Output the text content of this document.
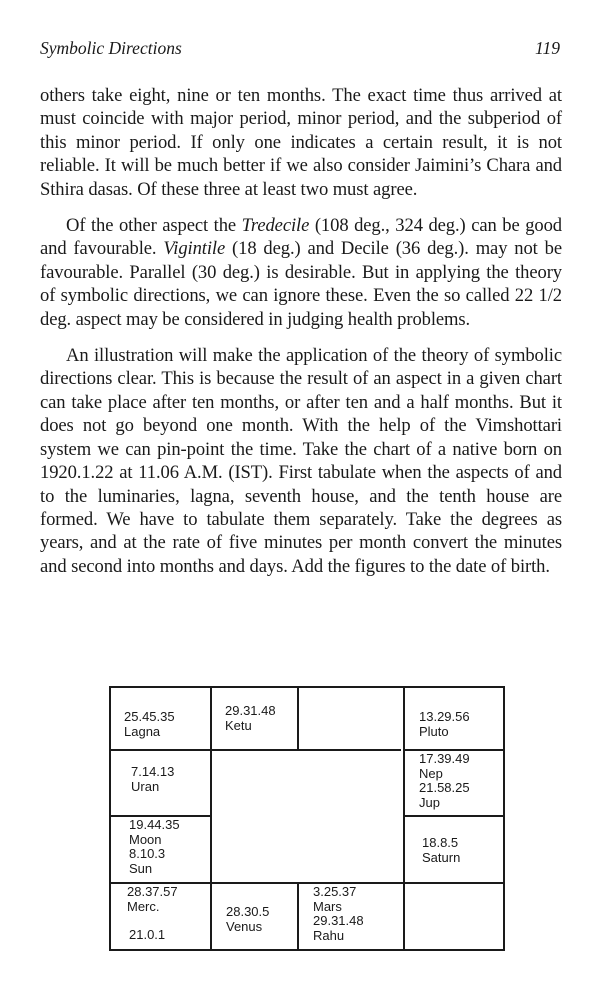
Symbolic Directions	119

others take eight, nine or ten months. The exact time thus arrived at must coincide with major period, minor period, and the subperiod of this minor period. If only one indicates a certain result, it is not reliable. It will be much better if we also consider Jaimini’s Chara and Sthira dasas. Of these three at least two must agree.

Of the other aspect the Tredecile (108 deg., 324 deg.) can be good and favourable. Vigintile (18 deg.) and Decile (36 deg.). may not be favourable. Parallel (30 deg.) is desirable. But in applying the theory of symbolic directions, we can ignore these. Even the so called 22 1/2 deg. aspect may be considered in judging health problems.

An illustration will make the application of the theory of symbolic directions clear. This is because the result of an aspect in a given chart can take place after ten months, or after ten and a half months. But it does not go beyond one month. With the help of the Vimshottari system we can pin-point the time. Take the chart of a native born on 1920.1.22 at 11.06 A.M. (IST). First tabulate when the aspects of and to the luminaries, lagna, seventh house, and the tenth house are formed. We have to tabulate them separately. Take the degrees as years, and at the rate of five minutes per month convert the minutes and second into months and days. Add the figures to the date of birth.

25.45.35
Lagna
29.31.48
Ketu
13.29.56
Pluto
7.14.13
Uran
17.39.49
Nep
21.58.25
Jup
19.44.35
Moon
8.10.3
Sun
18.8.5
Saturn
28.37.57
Merc.
21.0.1
28.30.5
Venus
3.25.37
Mars
29.31.48
Rahu
